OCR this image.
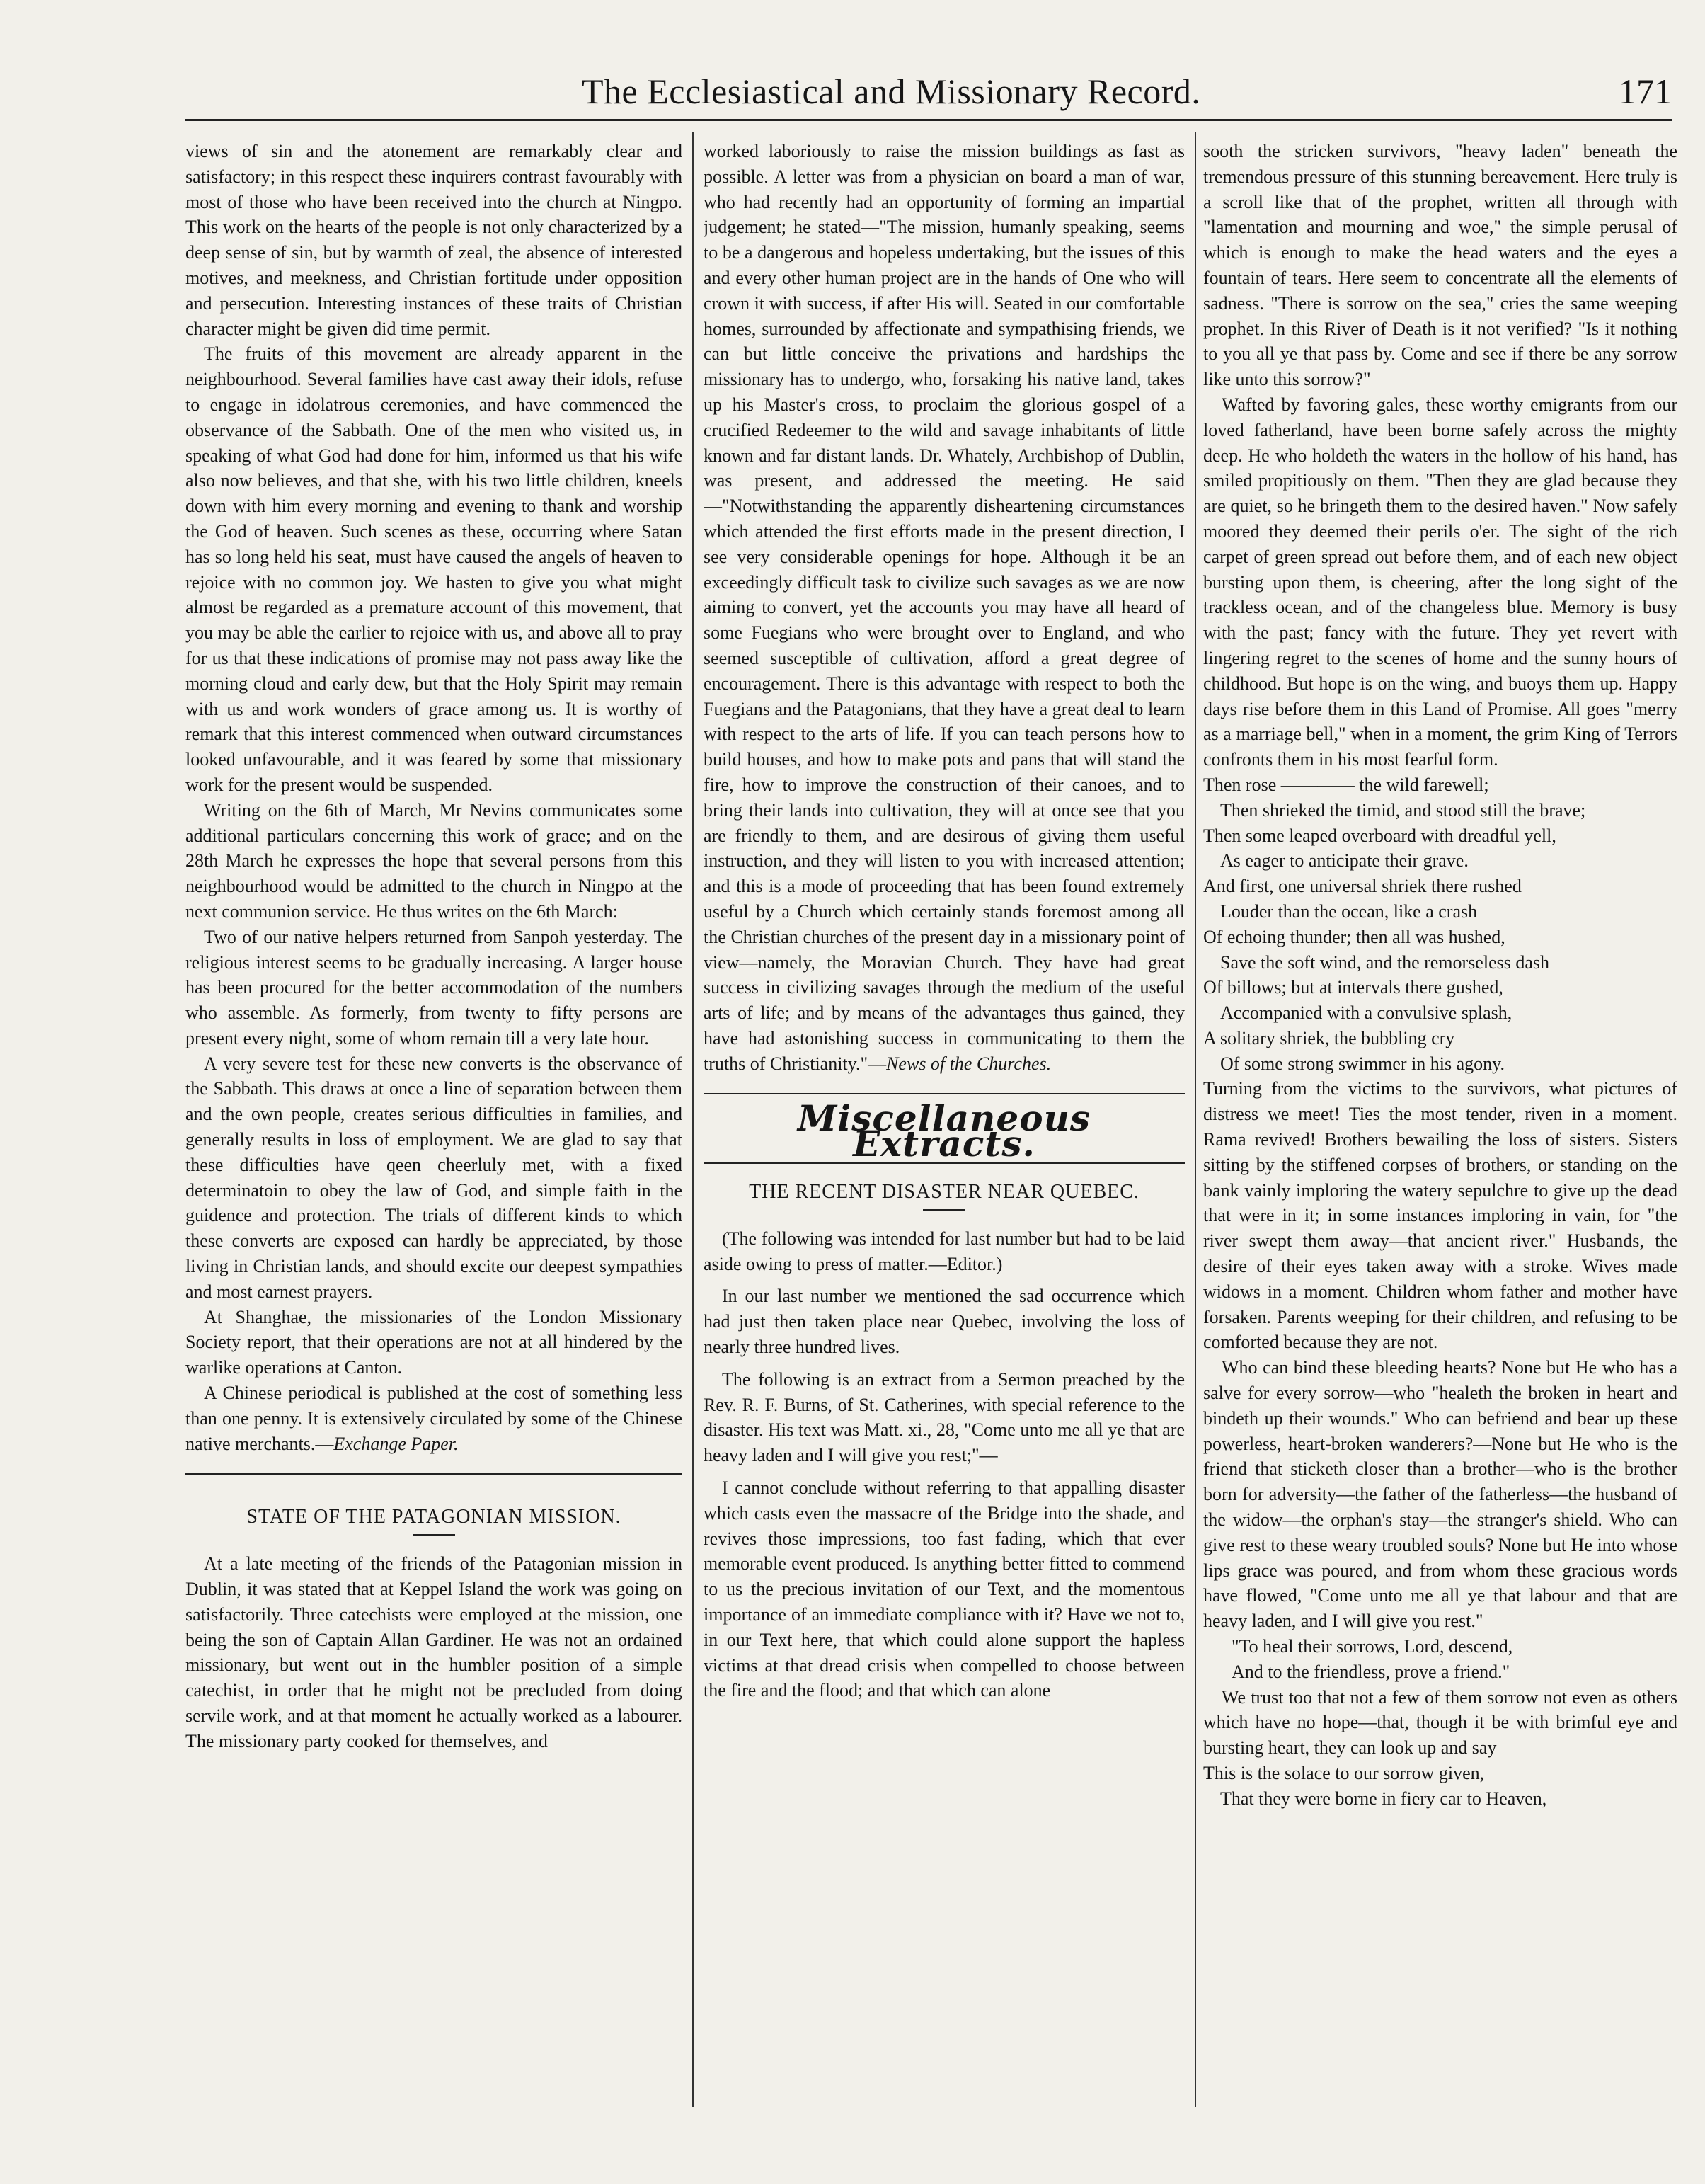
The Ecclesiastical and Missionary Record.	171

views of sin and the atonement are remarkably clear and satisfactory; in this respect these inquirers contrast favourably with most of those who have been received into the church at Ningpo. This work on the hearts of the people is not only characterized by a deep sense of sin, but by warmth of zeal, the absence of interested motives, and meekness, and Christian fortitude under opposition and persecution. Interesting instances of these traits of Christian character might be given did time permit.

The fruits of this movement are already apparent in the neighbourhood. Several families have cast away their idols, refuse to engage in idolatrous ceremonies, and have commenced the observance of the Sabbath. One of the men who visited us, in speaking of what God had done for him, informed us that his wife also now believes, and that she, with his two little children, kneels down with him every morning and evening to thank and worship the God of heaven. Such scenes as these, occurring where Satan has so long held his seat, must have caused the angels of heaven to rejoice with no common joy. We hasten to give you what might almost be regarded as a premature account of this movement, that you may be able the earlier to rejoice with us, and above all to pray for us that these indications of promise may not pass away like the morning cloud and early dew, but that the Holy Spirit may remain with us and work wonders of grace among us. It is worthy of remark that this interest commenced when outward circumstances looked unfavourable, and it was feared by some that missionary work for the present would be suspended.

Writing on the 6th of March, Mr Nevins communicates some additional particulars concerning this work of grace; and on the 28th March he expresses the hope that several persons from this neighbourhood would be admitted to the church in Ningpo at the next communion service. He thus writes on the 6th March:

Two of our native helpers returned from Sanpoh yesterday. The religious interest seems to be gradually increasing. A larger house has been procured for the better accommodation of the numbers who assemble. As formerly, from twenty to fifty persons are present every night, some of whom remain till a very late hour.

A very severe test for these new converts is the observance of the Sabbath. This draws at once a line of separation between them and the own people, creates serious difficulties in families, and generally results in loss of employment. We are glad to say that these difficulties have qeen cheerluly met, with a fixed determinatoin to obey the law of God, and simple faith in the guidence and protection. The trials of different kinds to which these converts are exposed can hardly be appreciated, by those living in Christian lands, and should excite our deepest sympathies and most earnest prayers.

At Shanghae, the missionaries of the London Missionary Society report, that their operations are not at all hindered by the warlike operations at Canton.

A Chinese periodical is published at the cost of something less than one penny. It is extensively circulated by some of the Chinese native merchants.—Exchange Paper.

STATE OF THE PATAGONIAN MISSION.

At a late meeting of the friends of the Patagonian mission in Dublin, it was stated that at Keppel Island the work was going on satisfactorily. Three catechists were employed at the mission, one being the son of Captain Allan Gardiner. He was not an ordained missionary, but went out in the humbler position of a simple catechist, in order that he might not be precluded from doing servile work, and at that moment he actually worked as a labourer. The missionary party cooked for themselves, and

worked laboriously to raise the mission buildings as fast as possible. A letter was from a physician on board a man of war, who had recently had an opportunity of forming an impartial judgement; he stated—"The mission, humanly speaking, seems to be a dangerous and hopeless undertaking, but the issues of this and every other human project are in the hands of One who will crown it with success, if after His will. Seated in our comfortable homes, surrounded by affectionate and sympathising friends, we can but little conceive the privations and hardships the missionary has to undergo, who, forsaking his native land, takes up his Master's cross, to proclaim the glorious gospel of a crucified Redeemer to the wild and savage inhabitants of little known and far distant lands. Dr. Whately, Archbishop of Dublin, was present, and addressed the meeting. He said—"Notwithstanding the apparently disheartening circumstances which attended the first efforts made in the present direction, I see very considerable openings for hope. Although it be an exceedingly difficult task to civilize such savages as we are now aiming to convert, yet the accounts you may have all heard of some Fuegians who were brought over to England, and who seemed susceptible of cultivation, afford a great degree of encouragement. There is this advantage with respect to both the Fuegians and the Patagonians, that they have a great deal to learn with respect to the arts of life. If you can teach persons how to build houses, and how to make pots and pans that will stand the fire, how to improve the construction of their canoes, and to bring their lands into cultivation, they will at once see that you are friendly to them, and are desirous of giving them useful instruction, and they will listen to you with increased attention; and this is a mode of proceeding that has been found extremely useful by a Church which certainly stands foremost among all the Christian churches of the present day in a missionary point of view—namely, the Moravian Church. They have had great success in civilizing savages through the medium of the useful arts of life; and by means of the advantages thus gained, they have had astonishing success in communicating to them the truths of Christianity."—News of the Churches.

Miscellaneous Extracts.
THE RECENT DISASTER NEAR QUEBEC.

(The following was intended for last number but had to be laid aside owing to press of matter.—Editor.)

In our last number we mentioned the sad occurrence which had just then taken place near Quebec, involving the loss of nearly three hundred lives.

The following is an extract from a Sermon preached by the Rev. R. F. Burns, of St. Catherines, with special reference to the disaster. His text was Matt. xi., 28, "Come unto me all ye that are heavy laden and I will give you rest;"—

I cannot conclude without referring to that appalling disaster which casts even the massacre of the Bridge into the shade, and revives those impressions, too fast fading, which that ever memorable event produced. Is anything better fitted to commend to us the precious invitation of our Text, and the momentous importance of an immediate compliance with it? Have we not to, in our Text here, that which could alone support the hapless victims at that dread crisis when compelled to choose between the fire and the flood; and that which can alone

sooth the stricken survivors, "heavy laden" beneath the tremendous pressure of this stunning bereavement. Here truly is a scroll like that of the prophet, written all through with "lamentation and mourning and woe," the simple perusal of which is enough to make the head waters and the eyes a fountain of tears. Here seem to concentrate all the elements of sadness. "There is sorrow on the sea," cries the same weeping prophet. In this River of Death is it not verified? "Is it nothing to you all ye that pass by. Come and see if there be any sorrow like unto this sorrow?"

Wafted by favoring gales, these worthy emigrants from our loved fatherland, have been borne safely across the mighty deep. He who holdeth the waters in the hollow of his hand, has smiled propitiously on them. "Then they are glad because they are quiet, so he bringeth them to the desired haven." Now safely moored they deemed their perils o'er. The sight of the rich carpet of green spread out before them, and of each new object bursting upon them, is cheering, after the long sight of the trackless ocean, and of the changeless blue. Memory is busy with the past; fancy with the future. They yet revert with lingering regret to the scenes of home and the sunny hours of childhood. But hope is on the wing, and buoys them up. Happy days rise before them in this Land of Promise. All goes "merry as a marriage bell," when in a moment, the grim King of Terrors confronts them in his most fearful form.

Then rose ———— the wild farewell;
Then shrieked the timid, and stood still the brave;
Then some leaped overboard with dreadful yell,
As eager to anticipate their grave.
And first, one universal shriek there rushed
Louder than the ocean, like a crash
Of echoing thunder; then all was hushed,
Save the soft wind, and the remorseless dash
Of billows; but at intervals there gushed,
Accompanied with a convulsive splash,
A solitary shriek, the bubbling cry
Of some strong swimmer in his agony.

Turning from the victims to the survivors, what pictures of distress we meet! Ties the most tender, riven in a moment. Rama revived! Brothers bewailing the loss of sisters. Sisters sitting by the stiffened corpses of brothers, or standing on the bank vainly imploring the watery sepulchre to give up the dead that were in it; in some instances imploring in vain, for "the river swept them away—that ancient river." Husbands, the desire of their eyes taken away with a stroke. Wives made widows in a moment. Children whom father and mother have forsaken. Parents weeping for their children, and refusing to be comforted because they are not.

Who can bind these bleeding hearts? None but He who has a salve for every sorrow—who "healeth the broken in heart and bindeth up their wounds." Who can befriend and bear up these powerless, heart-broken wanderers?—None but He who is the friend that sticketh closer than a brother—who is the brother born for adversity—the father of the fatherless—the husband of the widow—the orphan's stay—the stranger's shield. Who can give rest to these weary troubled souls? None but He into whose lips grace was poured, and from whom these gracious words have flowed, "Come unto me all ye that labour and that are heavy laden, and I will give you rest."

"To heal their sorrows, Lord, descend,
And to the friendless, prove a friend."

We trust too that not a few of them sorrow not even as others which have no hope—that, though it be with brimful eye and bursting heart, they can look up and say

This is the solace to our sorrow given,
That they were borne in fiery car to Heaven,
